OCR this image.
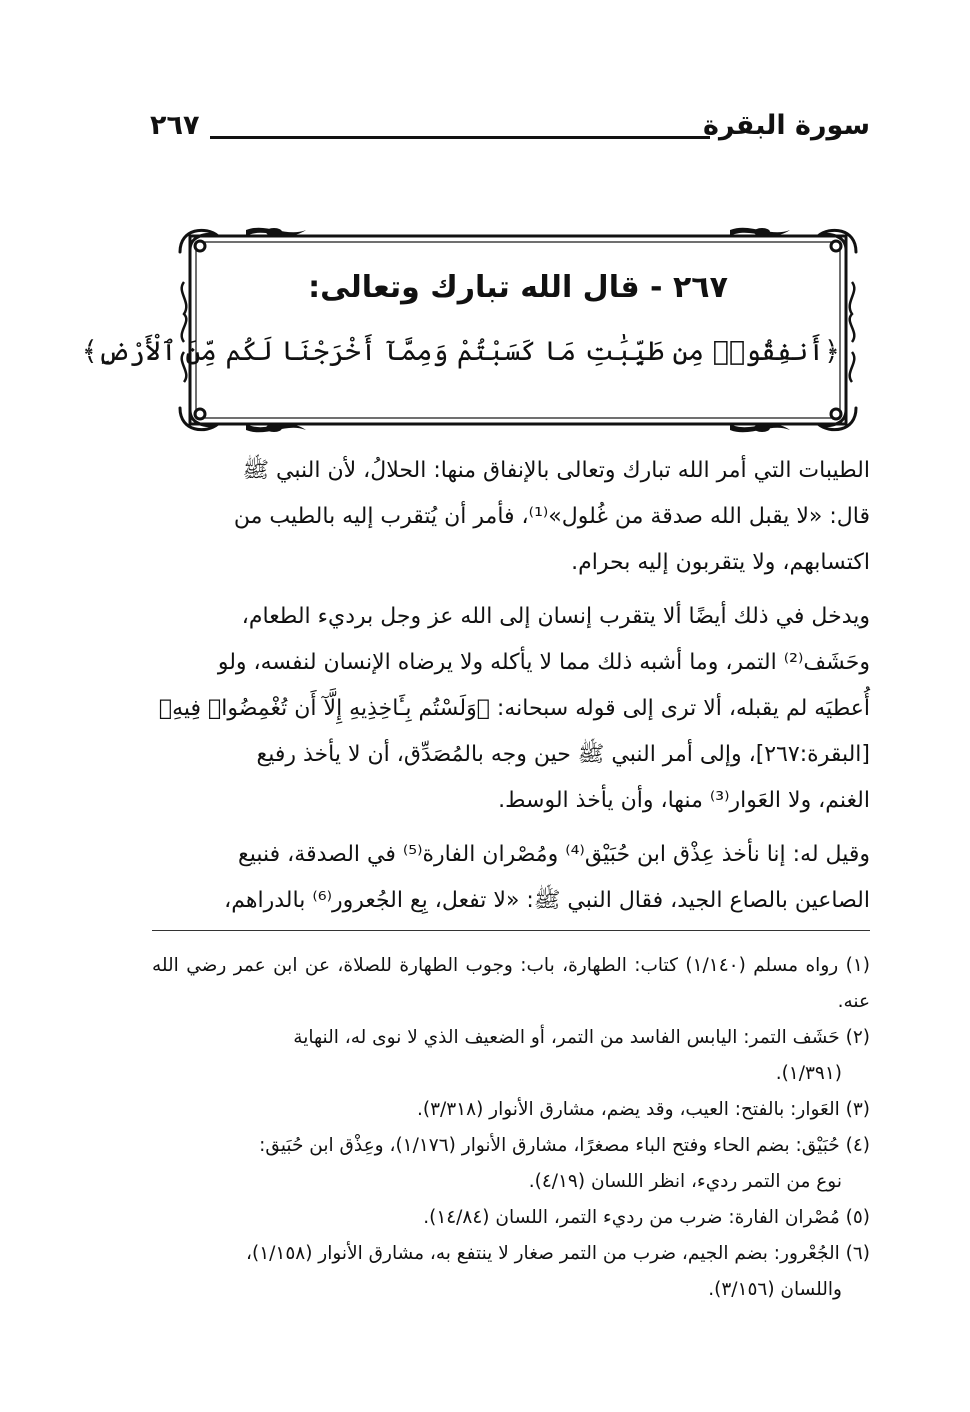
سورة البقرة
٢٦٧
٢٦٧ - قال الله تبارك وتعالى:
﴿أَنفِقُوا۟ مِن طَيِّبَٰتِ مَا كَسَبْتُمْ وَمِمَّآ أَخْرَجْنَا لَكُم مِّنَ ٱلْأَرْضِ﴾

الطيبات التي أمر الله تبارك وتعالى بالإنفاق منها: الحلالُ، لأن النبي ﷺ

قال: «لا يقبل الله صدقة من غُلول»⁽¹⁾، فأمر أن يُتقرب إليه بالطيب من

اكتسابهم، ولا يتقربون إليه بحرام.

ويدخل في ذلك أيضًا ألا يتقرب إنسان إلى الله عز وجل برديء الطعام،

وحَشَف⁽²⁾ التمر، وما أشبه ذلك مما لا يأكله ولا يرضاه الإنسان لنفسه، ولو

أُعطيَه لم يقبله، ألا ترى إلى قوله سبحانه: ﴿وَلَسْتُم بِـَٔاخِذِيهِ إِلَّآ أَن تُغْمِضُوا۟ فِيهِ﴾

[البقرة:٢٦٧]، وإلى أمر النبي ﷺ حين وجه بالمُصَدِّق، أن لا يأخذ رفيع

الغنم، ولا العَوار⁽³⁾ منها، وأن يأخذ الوسط.

وقيل له: إنا نأخذ عِذْق ابن حُبَيْق⁽⁴⁾ ومُصْران الفارة⁽⁵⁾ في الصدقة، فنبيع

الصاعين بالصاع الجيد، فقال النبي ﷺ: «لا تفعل، بِع الجُعرور⁽⁶⁾ بالدراهم،

(١) رواه مسلم (١/١٤٠) كتاب: الطهارة، باب: وجوب الطهارة للصلاة، عن ابن عمر رضي الله عنه.

(٢) حَشَف التمر: اليابس الفاسد من التمر، أو الضعيف الذي لا نوى له، النهاية

(١/٣٩١).

(٣) العَوار: بالفتح: العيب، وقد يضم، مشارق الأنوار (٣/٣١٨).

(٤) حُبَيْق: بضم الحاء وفتح الباء مصغرًا، مشارق الأنوار (١/١٧٦)، وعِذْق ابن حُبَيق:

نوع من التمر رديء، انظر اللسان (٤/١٩).

(٥) مُصْران الفارة: ضرب من رديء التمر، اللسان (١٤/٨٤).

(٦) الجُعْرور: بضم الجيم، ضرب من التمر صغار لا ينتفع به، مشارق الأنوار (١/١٥٨)،

واللسان (٣/١٥٦).
